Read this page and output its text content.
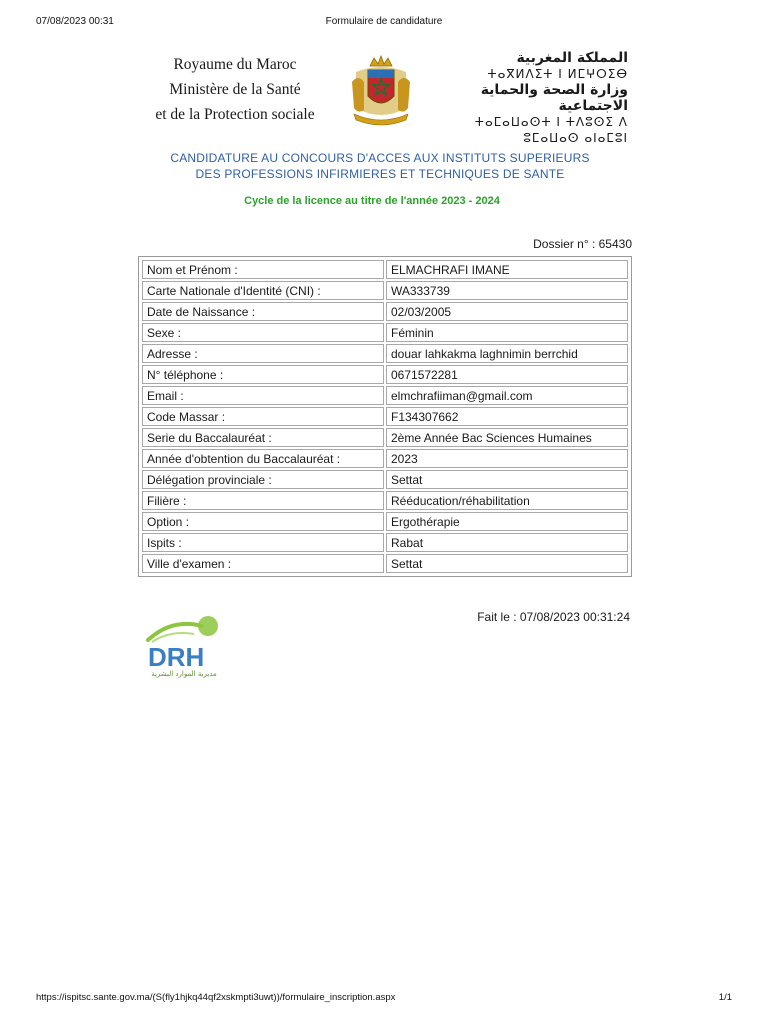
07/08/2023 00:31	Formulaire de candidature
Royaume du Maroc
Ministère de la Santé
et de la Protection sociale
المملكة المغربية
ⵜⴰⴳⵍⴷⵉⵜ ⵏ ⵍⵎⵖⵔⵉⴱ
وزارة الصحة والحماية الاجتماعية
ⵜⴰⵎⴰⵡⴰⵙⵜ ⵏ ⵜⴷⵓⵙⵉ ⴷ ⵓⵎⴰⵡⴰⵙ ⴰⵏⴰⵎⵓⵏ
CANDIDATURE AU CONCOURS D'ACCES AUX INSTITUTS SUPERIEURS
DES PROFESSIONS INFIRMIERES ET TECHNIQUES DE SANTE
Cycle de la licence au titre de l'année 2023 - 2024
Dossier n° : 65430
Nom et Prénom :	ELMACHRAFI IMANE
Carte Nationale d'Identité (CNI) :	WA333739
Date de Naissance :	02/03/2005
Sexe :	Féminin
Adresse :	douar lahkakma laghnimin berrchid
N° téléphone :	0671572281
Email :	elmchrafiiman@gmail.com
Code Massar :	F134307662
Serie du Baccalauréat :	2ème Année Bac Sciences Humaines
Année d'obtention du Baccalauréat :	2023
Délégation provinciale :	Settat
Filière :	Rééducation/réhabilitation
Option :	Ergothérapie
Ispits :	Rabat
Ville d'examen :	Settat
Fait le : 07/08/2023 00:31:24
DRH
مديرية الموارد البشرية
https://ispitsc.sante.gov.ma/(S(fly1hjkq44qf2xskmpti3uwt))/formulaire_inscription.aspx	1/1
